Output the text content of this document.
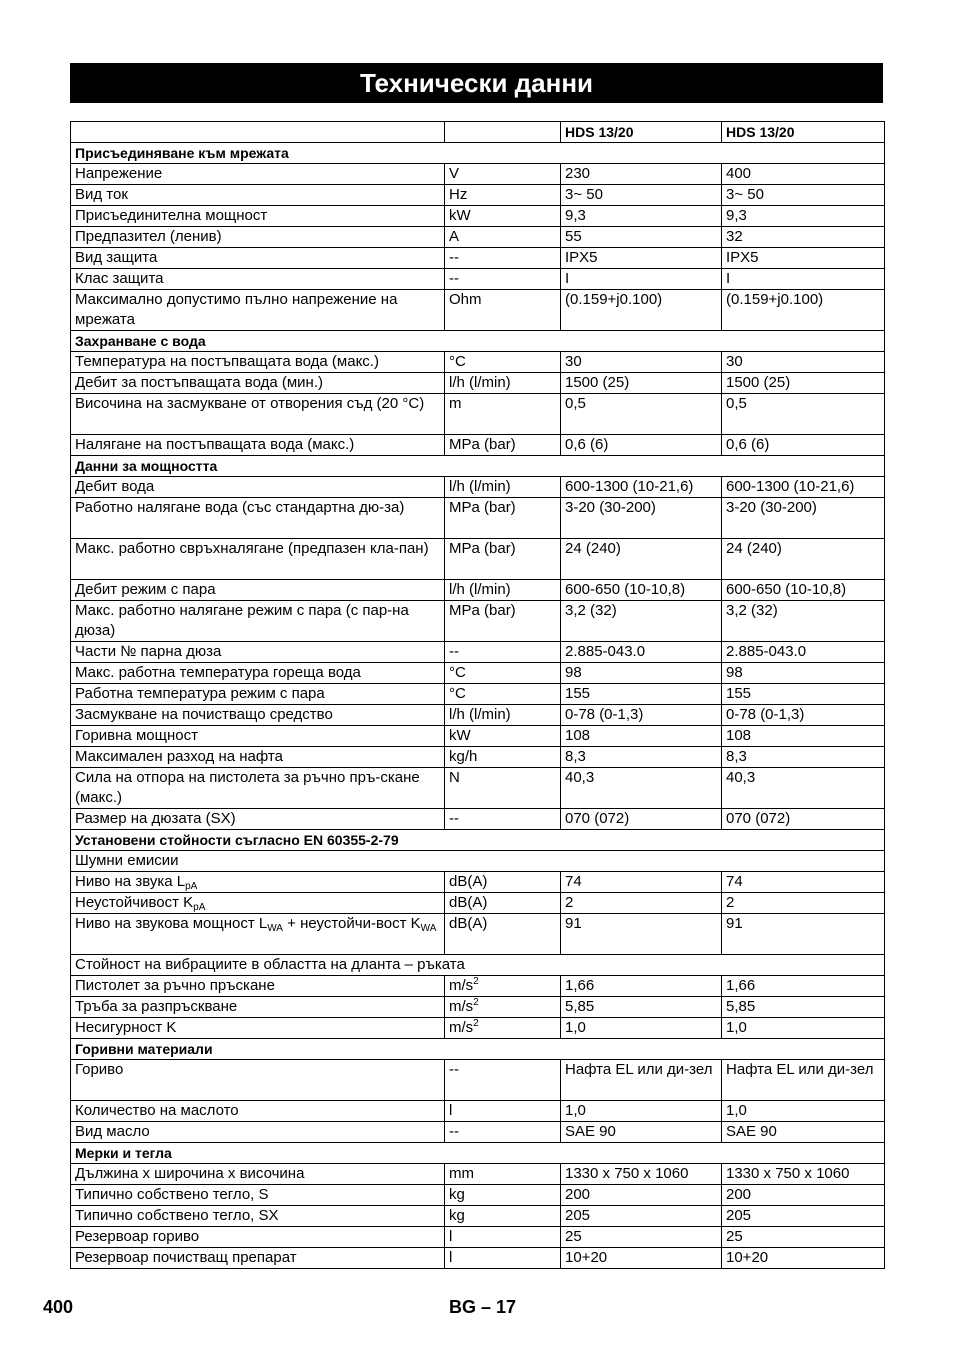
Технически данни
		HDS 13/20	HDS 13/20
Присъединяване към мрежата			
Напрежение	V	230	400
Вид ток	Hz	3~ 50	3~ 50
Присъединителна мощност	kW	9,3	9,3
Предпазител (ленив)	A	55	32
Вид защита	--	IPX5	IPX5
Клас защита	--	I	I
Максимално допустимо пълно напрежение на мрежата	Ohm	(0.159+j0.100)	(0.159+j0.100)
Захранване с вода			
Температура на постъпващата вода (макс.)	°C	30	30
Дебит за постъпващата вода (мин.)	l/h (l/min)	1500 (25)	1500 (25)
Височина на засмукване от отворения съд (20 °C)	m	0,5	0,5
Налягане на постъпващата вода (макс.)	MPa (bar)	0,6 (6)	0,6 (6)
Данни за мощността			
Дебит вода	l/h (l/min)	600-1300 (10-21,6)	600-1300 (10-21,6)
Работно налягане вода (със стандартна дю-за)	MPa (bar)	3-20 (30-200)	3-20 (30-200)
Макс. работно свръхналягане (предпазен кла-пан)	MPa (bar)	24 (240)	24 (240)
Дебит режим с пара	l/h (l/min)	600-650 (10-10,8)	600-650 (10-10,8)
Макс. работно налягане режим с пара (с пар-на дюза)	MPa (bar)	3,2 (32)	3,2 (32)
Части № парна дюза	--	2.885-043.0	2.885-043.0
Макс. работна температура гореща вода	°C	98	98
Работна температура режим с пара	°C	155	155
Засмукване на почистващо средство	l/h (l/min)	0-78 (0-1,3)	0-78 (0-1,3)
Горивна мощност	kW	108	108
Максимален разход на нафта	kg/h	8,3	8,3
Сила на отпора на пистолета за ръчно пръ-скане (макс.)	N	40,3	40,3
Размер на дюзата (SX)	--	070 (072)	070 (072)
Установени стойности съгласно EN 60355-2-79			
Шумни емисии			
Ниво на звука $L_{pA}$	dB(A)	74	74
Неустойчивост $K_{pA}$	dB(A)	2	2
Ниво на звукова мощност $L_{WA}$ + неустойчи-вост $K_{WA}$	dB(A)	91	91
Стойност на вибрациите в областта на дланта – ръката			
Пистолет за ръчно пръскане	$m/s^2$	1,66	1,66
Тръба за разпръскване	$m/s^2$	5,85	5,85
Несигурност K	$m/s^2$	1,0	1,0
Горивни материали			
Гориво	--	Нафта EL или ди-зел	Нафта EL или ди-зел
Количество на маслото	l	1,0	1,0
Вид масло	--	SAE 90	SAE 90
Мерки и тегла			
Дължина x широчина x височина	mm	1330 x 750 x 1060	1330 x 750 x 1060
Типично собствено тегло, S	kg	200	200
Типично собствено тегло, SX	kg	205	205
Резервоар гориво	l	25	25
Резервоар почистващ препарат	l	10+20	10+20
400	BG – 17
